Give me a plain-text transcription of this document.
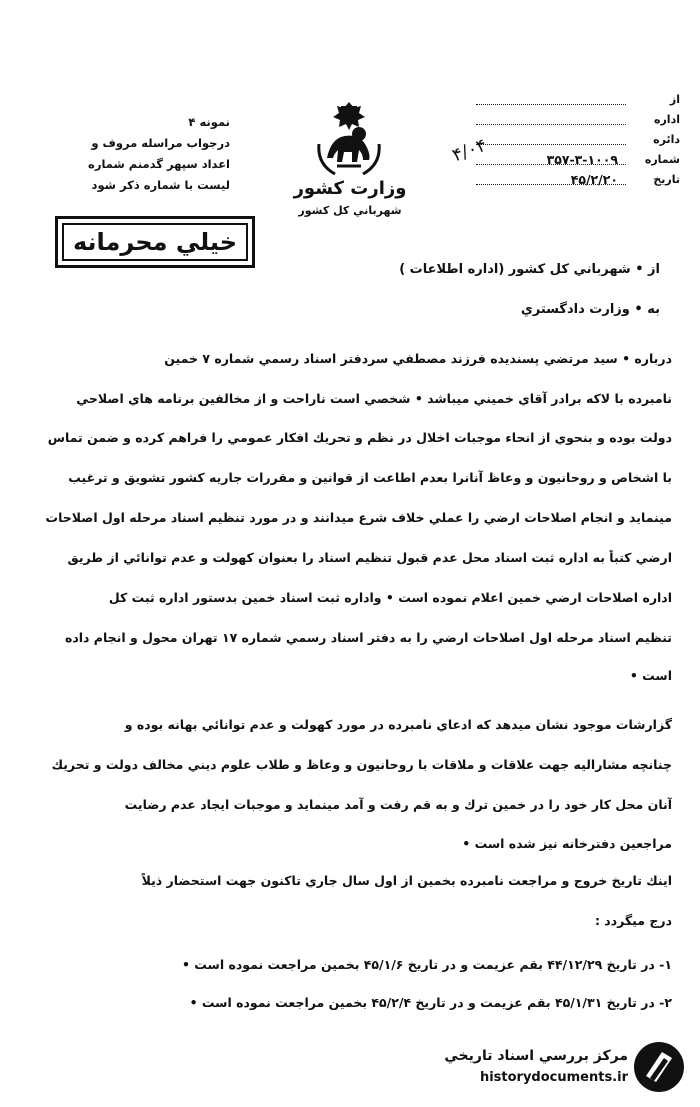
نمونه ۴
درجواب مراسله مروف و
اعداد سپهر گدمنم شماره
ليست با شماره ذكر شود	وزارت كشور
شهرباني كل كشور
از
اداره
دائره
شماره
۳۵۷-۳-۱۰۰۹
تاريخ
۴۵/۲/۲۰
۴/۰۴
خيلي محرمانه
از • شهرباني كل كشور (اداره اطلاعات )
به • وزارت دادگستري
درباره • سيد مرتضي پسنديده فرزند مصطفي سردفتر اسناد رسمي شماره ۷ خمين
نامبرده با لاكه برادر آقاي خميني ميباشد • شخصي است ناراحت و از مخالفين برنامه هاي اصلاحي
دولت بوده و بنحوي از انحاء موجبات اخلال در نظم و تحريك افكار عمومي را فراهم كرده و ضمن تماس
با اشخاص و روحانيون و وعاظ آنانرا بعدم اطاعت از قوانين و مقررات جاريه كشور تشويق و ترغيب
مينمايد و انجام اصلاحات ارضي را عملي خلاف شرع ميدانند و در مورد تنظيم اسناد مرحله اول اصلاحات
ارضي كتباً به اداره ثبت اسناد محل عدم قبول تنظيم اسناد را بعنوان كهولت و عدم توانائي از طريق
اداره اصلاحات ارضي خمين اعلام نموده است • واداره ثبت اسناد خمين بدستور اداره ثبت كل
تنظيم اسناد مرحله اول اصلاحات ارضي را به دفتر اسناد رسمي شماره ۱۷ تهران محول و انجام داده
است •
گزارشات موجود نشان ميدهد كه ادعاي نامبرده در مورد كهولت و عدم توانائي بهانه بوده و
چنانچه مشاراليه جهت علاقات و ملاقات با روحانيون و وعاظ و طلاب علوم ديني مخالف دولت و تحريك
آنان محل كار خود را در خمين ترك و به قم رفت و آمد مينمايد و موجبات ايجاد عدم رضايت
مراجعين دفترخانه نيز شده است •
اينك تاريخ خروج و مراجعت نامبرده بخمين از اول سال جاري تاكنون جهت استحضار ذيلاً
درج ميگردد :
۱- در تاريخ ۴۴/۱۲/۲۹ بقم عزيمت و در تاريخ ۴۵/۱/۶ بخمين مراجعت نموده است •
۲- در تاريخ ۴۵/۱/۳۱ بقم عزيمت و در تاريخ ۴۵/۲/۴ بخمين مراجعت نموده است •
مركز بررسي اسناد تاريخي
historydocuments.ir
